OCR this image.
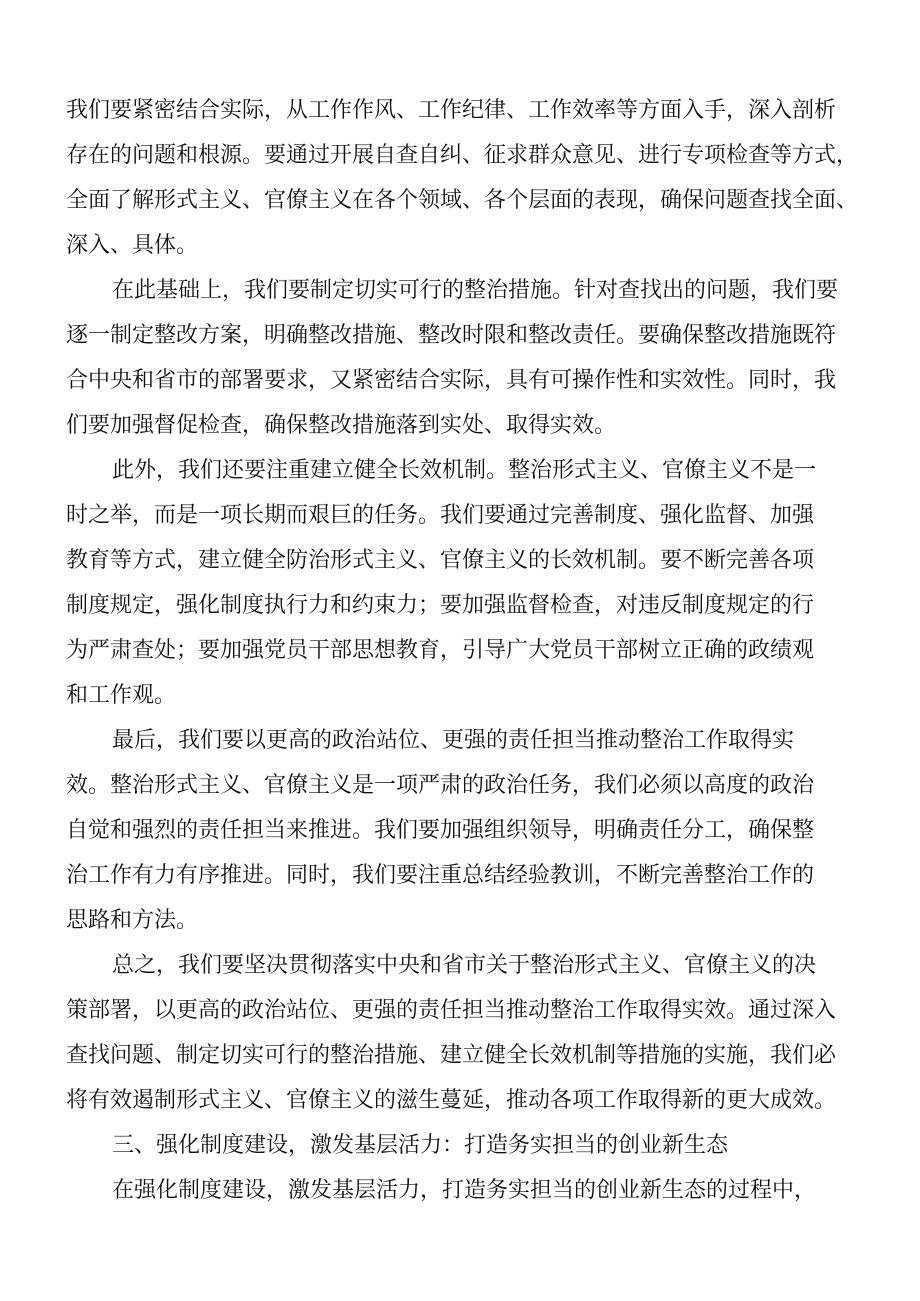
我们要紧密结合实际，从工作作风、工作纪律、工作效率等方面入手，深入剖析
存在的问题和根源。要通过开展自查自纠、征求群众意见、进行专项检查等方式，
全面了解形式主义、官僚主义在各个领域、各个层面的表现，确保问题查找全面、
深入、具体。
在此基础上，我们要制定切实可行的整治措施。针对查找出的问题，我们要
逐一制定整改方案，明确整改措施、整改时限和整改责任。要确保整改措施既符
合中央和省市的部署要求，又紧密结合实际，具有可操作性和实效性。同时，我
们要加强督促检查，确保整改措施落到实处、取得实效。
此外，我们还要注重建立健全长效机制。整治形式主义、官僚主义不是一
时之举，而是一项长期而艰巨的任务。我们要通过完善制度、强化监督、加强
教育等方式，建立健全防治形式主义、官僚主义的长效机制。要不断完善各项
制度规定，强化制度执行力和约束力；要加强监督检查，对违反制度规定的行
为严肃查处；要加强党员干部思想教育，引导广大党员干部树立正确的政绩观
和工作观。
最后，我们要以更高的政治站位、更强的责任担当推动整治工作取得实
效。整治形式主义、官僚主义是一项严肃的政治任务，我们必须以高度的政治
自觉和强烈的责任担当来推进。我们要加强组织领导，明确责任分工，确保整
治工作有力有序推进。同时，我们要注重总结经验教训，不断完善整治工作的
思路和方法。
总之，我们要坚决贯彻落实中央和省市关于整治形式主义、官僚主义的决
策部署，以更高的政治站位、更强的责任担当推动整治工作取得实效。通过深入
查找问题、制定切实可行的整治措施、建立健全长效机制等措施的实施，我们必
将有效遏制形式主义、官僚主义的滋生蔓延，推动各项工作取得新的更大成效。
三、强化制度建设，激发基层活力：打造务实担当的创业新生态
在强化制度建设，激发基层活力，打造务实担当的创业新生态的过程中，
